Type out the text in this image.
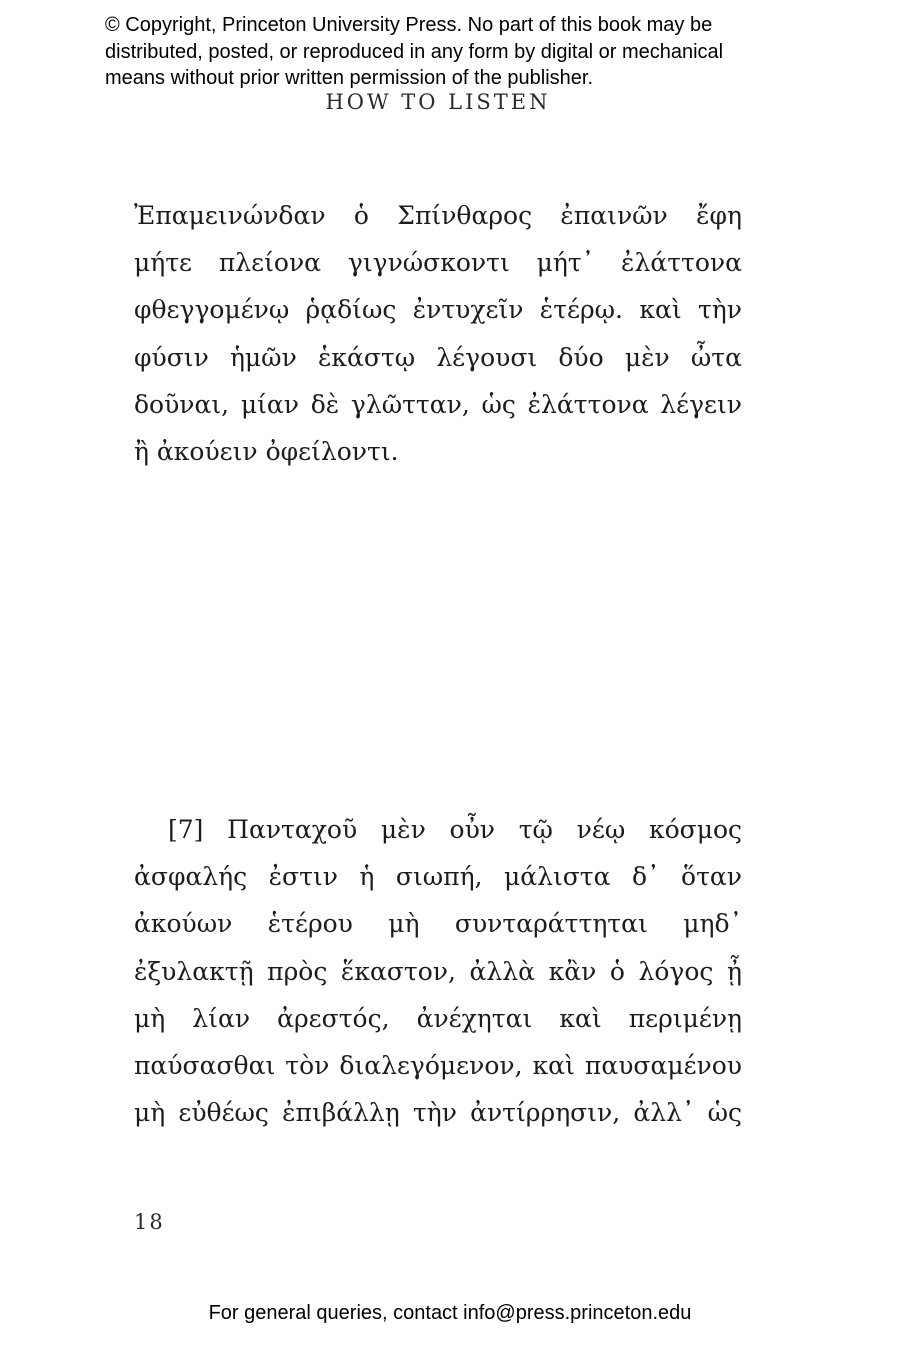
© Copyright, Princeton University Press. No part of this book may be
distributed, posted, or reproduced in any form by digital or mechanical
means without prior written permission of the publisher.
HOW TO LISTEN
Ἐπαμεινώνδαν ὁ Σπίνθαρος ἐπαινῶν ἔφη
μήτε πλείονα γιγνώσκοντι μήτ᾽ ἐλάττονα
φθεγγομένῳ ῥᾳδίως ἐντυχεῖν ἑτέρῳ. καὶ τὴν
φύσιν ἡμῶν ἑκάστῳ λέγουσι δύο μὲν ὦτα
δοῦναι, μίαν δὲ γλῶτταν, ὡς ἐλάττονα λέγειν
ἢ ἀκούειν ὀφείλοντι.
[7] Πανταχοῦ μὲν οὖν τῷ νέῳ κόσμος
ἀσφαλής ἐστιν ἡ σιωπή, μάλιστα δ᾽ ὅταν
ἀκούων ἑτέρου μὴ συνταράττηται μηδ᾽
ἐξυλακτῇ πρὸς ἕκαστον, ἀλλὰ κἂν ὁ λόγος ᾖ
μὴ λίαν ἀρεστός, ἀνέχηται καὶ περιμένῃ
παύσασθαι τὸν διαλεγόμενον, καὶ παυσαμένου
μὴ εὐθέως ἐπιβάλλῃ τὴν ἀντίρρησιν, ἀλλ᾽ ὡς
18
For general queries, contact info@press.princeton.edu
